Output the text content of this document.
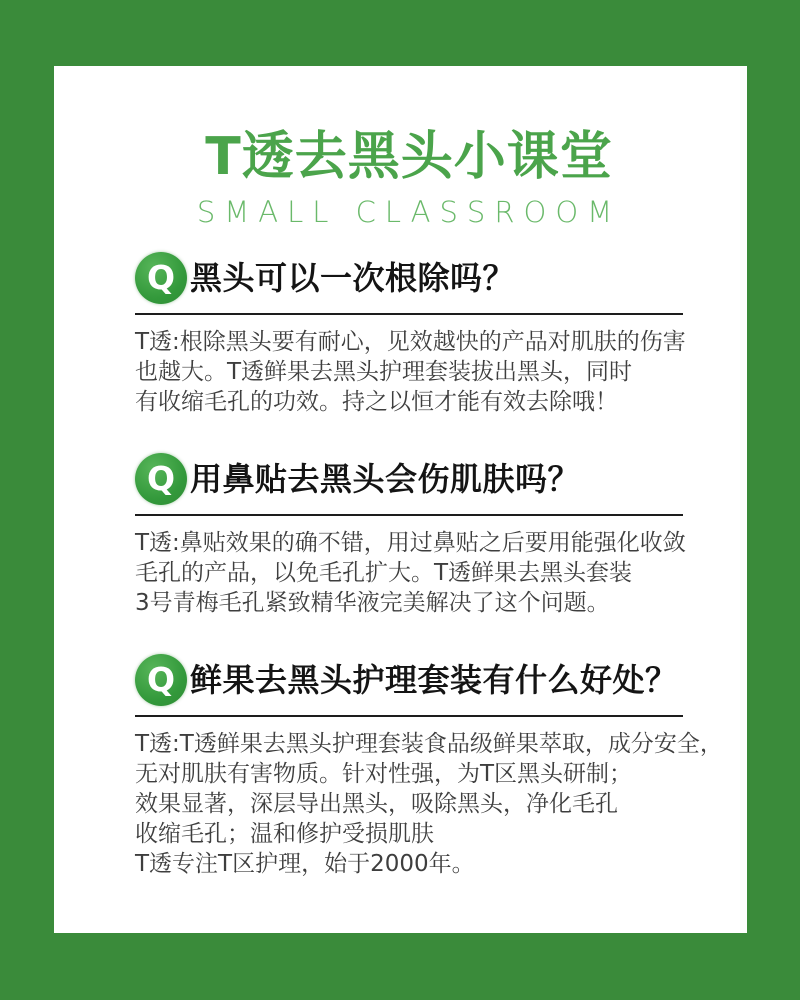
T透去黑头小课堂
SMALL CLASSROOM
Q 黑头可以一次根除吗？

T透:根除黑头要有耐心，见效越快的产品对肌肤的伤害

也越大。T透鲜果去黑头护理套装拔出黑头，同时

有收缩毛孔的功效。持之以恒才能有效去除哦！

Q 用鼻贴去黑头会伤肌肤吗？

T透:鼻贴效果的确不错，用过鼻贴之后要用能强化收敛

毛孔的产品，以免毛孔扩大。T透鲜果去黑头套装

3号青梅毛孔紧致精华液完美解决了这个问题。

Q 鲜果去黑头护理套装有什么好处？

T透:T透鲜果去黑头护理套装食品级鲜果萃取，成分安全，

无对肌肤有害物质。针对性强，为T区黑头研制；

效果显著，深层导出黑头，吸除黑头，净化毛孔

收缩毛孔；温和修护受损肌肤

T透专注T区护理，始于2000年。
